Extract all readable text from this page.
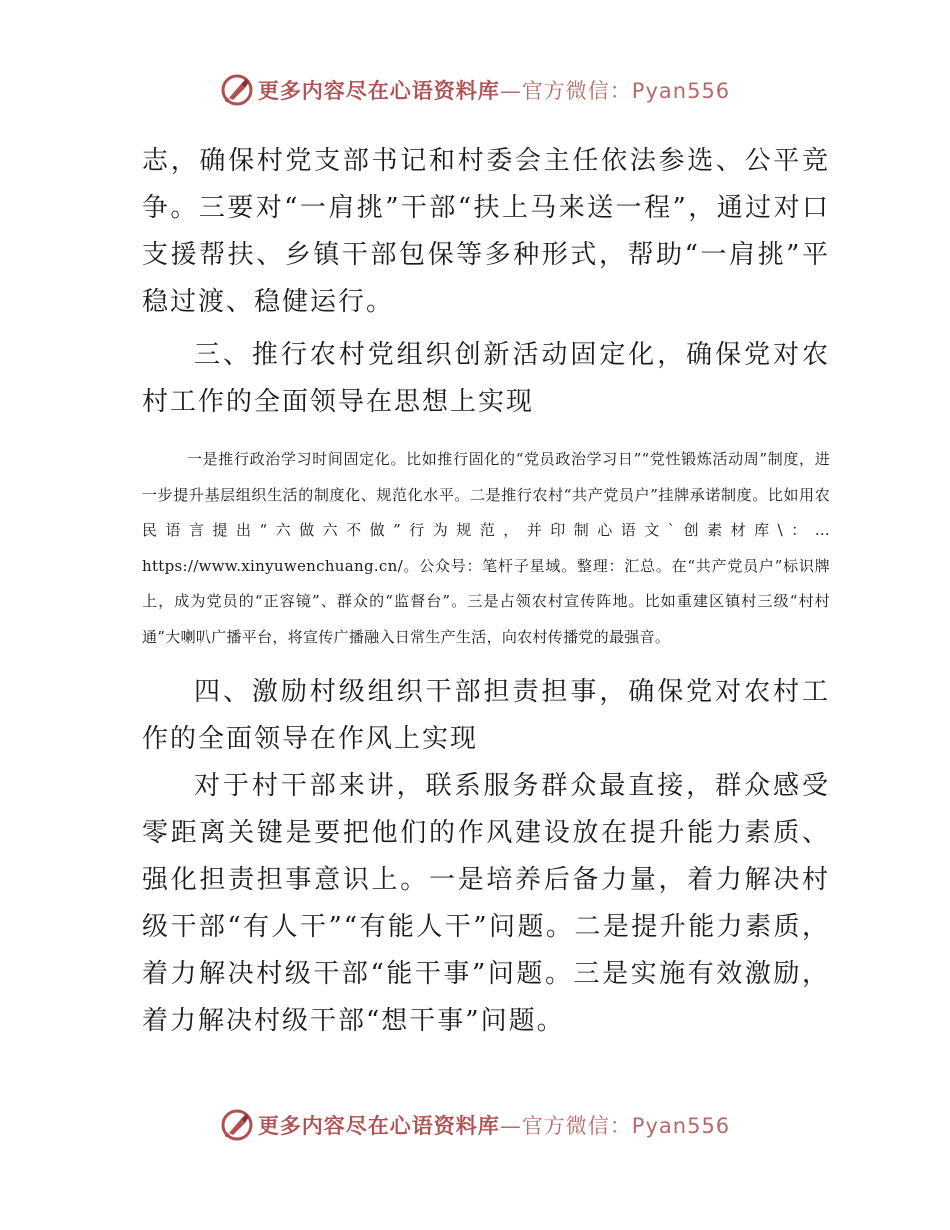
更多内容尽在心语资料库—官方微信：Pyan556

志，确保村党支部书记和村委会主任依法参选、公平竞争。三要对“一肩挑”干部“扶上马来送一程”，通过对口支援帮扶、乡镇干部包保等多种形式，帮助“一肩挑”平稳过渡、稳健运行。

三、推行农村党组织创新活动固定化，确保党对农村工作的全面领导在思想上实现

一是推行政治学习时间固定化。比如推行固化的“党员政治学习日”“党性锻炼活动周”制度，进一步提升基层组织生活的制度化、规范化水平。二是推行农村“共产党员户”挂牌承诺制度。比如用农民语言提出“六做六不做”行为规范，并印制心语文`创素材库\：…https://www.xinyuwenchuang.cn/。公众号：笔杆子星域。整理：汇总。在“共产党员户”标识牌上，成为党员的“正容镜”、群众的“监督台”。三是占领农村宣传阵地。比如重建区镇村三级“村村通”大喇叭广播平台，将宣传广播融入日常生产生活，向农村传播党的最强音。

四、激励村级组织干部担责担事，确保党对农村工作的全面领导在作风上实现

对于村干部来讲，联系服务群众最直接，群众感受零距离关键是要把他们的作风建设放在提升能力素质、强化担责担事意识上。一是培养后备力量，着力解决村级干部“有人干”“有能人干”问题。二是提升能力素质，着力解决村级干部“能干事”问题。三是实施有效激励，着力解决村级干部“想干事”问题。

更多内容尽在心语资料库—官方微信：Pyan556
